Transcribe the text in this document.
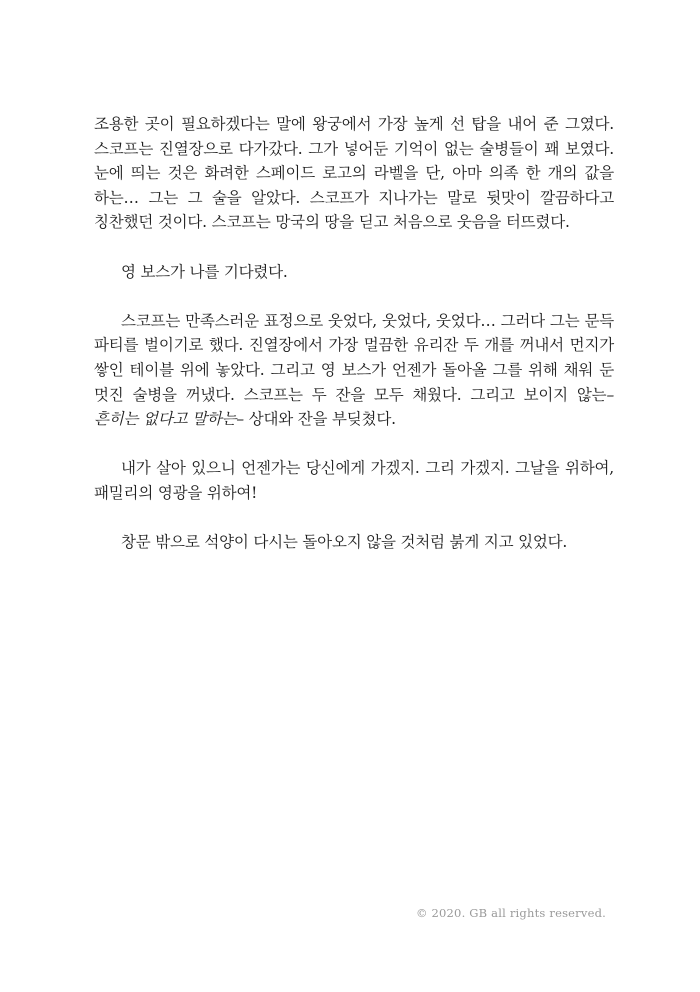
조용한 곳이 필요하겠다는 말에 왕궁에서 가장 높게 선 탑을 내어 준 그였다. 스코프는 진열장으로 다가갔다. 그가 넣어둔 기억이 없는 술병들이 꽤 보였다. 눈에 띄는 것은 화려한 스페이드 로고의 라벨을 단, 아마 의족 한 개의 값을 하는… 그는 그 술을 알았다. 스코프가 지나가는 말로 뒷맛이 깔끔하다고 칭찬했던 것이다. 스코프는 망국의 땅을 딛고 처음으로 웃음을 터뜨렸다.

영 보스가 나를 기다렸다.

스코프는 만족스러운 표정으로 웃었다, 웃었다, 웃었다… 그러다 그는 문득 파티를 벌이기로 했다. 진열장에서 가장 멀끔한 유리잔 두 개를 꺼내서 먼지가 쌓인 테이블 위에 놓았다. 그리고 영 보스가 언젠가 돌아올 그를 위해 채워 둔 멋진 술병을 꺼냈다. 스코프는 두 잔을 모두 채웠다. 그리고 보이지 않는–흔히는 없다고 말하는– 상대와 잔을 부딪쳤다.

내가 살아 있으니 언젠가는 당신에게 가겠지. 그리 가겠지. 그날을 위하여, 패밀리의 영광을 위하여!

창문 밖으로 석양이 다시는 돌아오지 않을 것처럼 붉게 지고 있었다.

© 2020. GB all rights reserved.
